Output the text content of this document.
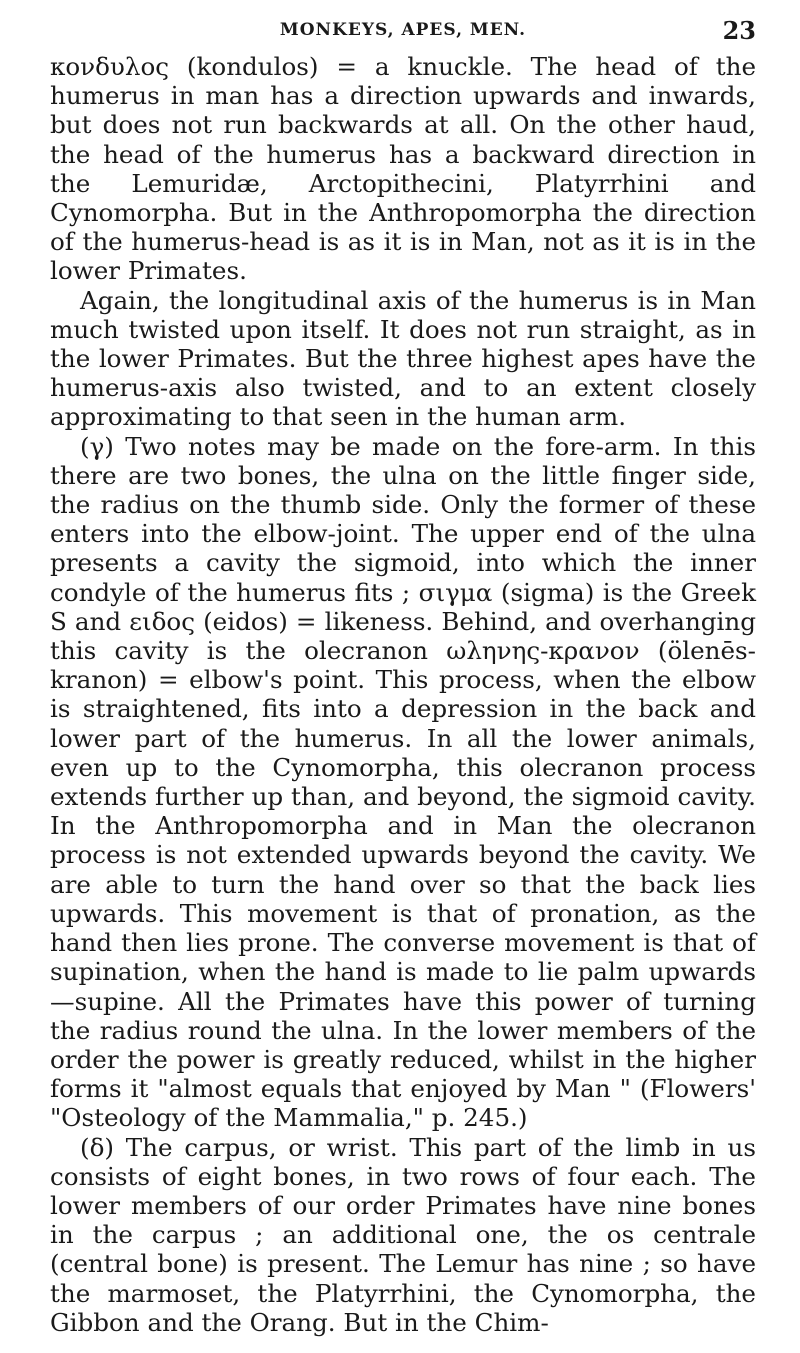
MONKEYS, APES, MEN.	23

κονδυλος (kondulos) = a knuckle. The head of the humerus in man has a direction upwards and inwards, but does not run backwards at all. On the other haud, the head of the humerus has a backward direction in the Lemuridæ, Arctopithecini, Platyrrhini and Cynomorpha. But in the Anthropomorpha the direction of the humerus-head is as it is in Man, not as it is in the lower Primates.

Again, the longitudinal axis of the humerus is in Man much twisted upon itself. It does not run straight, as in the lower Primates. But the three highest apes have the humerus-axis also twisted, and to an extent closely approximating to that seen in the human arm.

(γ) Two notes may be made on the fore-arm. In this there are two bones, the ulna on the little finger side, the radius on the thumb side. Only the former of these enters into the elbow-joint. The upper end of the ulna presents a cavity the sigmoid, into which the inner condyle of the humerus fits ; σιγμα (sigma) is the Greek S and ειδος (eidos) = likeness. Behind, and overhanging this cavity is the olecranon ωληνης-κρανον (ölenēs-kranon) = elbow's point. This process, when the elbow is straightened, fits into a depression in the back and lower part of the humerus. In all the lower animals, even up to the Cynomorpha, this olecranon process extends further up than, and beyond, the sigmoid cavity. In the Anthropomorpha and in Man the olecranon process is not extended upwards beyond the cavity. We are able to turn the hand over so that the back lies upwards. This movement is that of pronation, as the hand then lies prone. The converse movement is that of supination, when the hand is made to lie palm upwards—supine. All the Primates have this power of turning the radius round the ulna. In the lower members of the order the power is greatly reduced, whilst in the higher forms it "almost equals that enjoyed by Man " (Flowers' "Osteology of the Mammalia," p. 245.)

(δ) The carpus, or wrist. This part of the limb in us consists of eight bones, in two rows of four each. The lower members of our order Primates have nine bones in the carpus ; an additional one, the os centrale (central bone) is present. The Lemur has nine ; so have the marmoset, the Platyrrhini, the Cynomorpha, the Gibbon and the Orang. But in the Chim-
